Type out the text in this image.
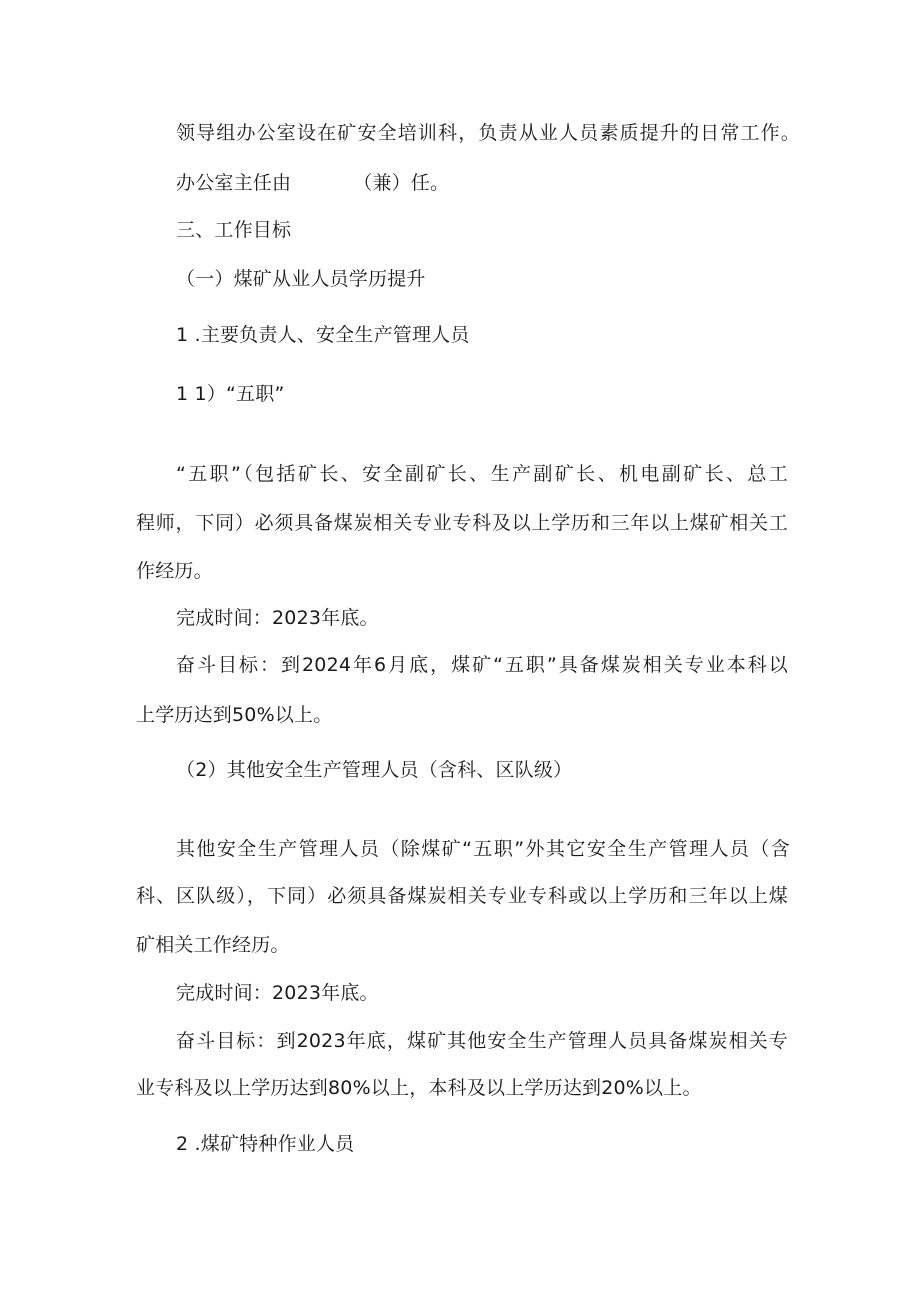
领导组办公室设在矿安全培训科，负责从业人员素质提升的日常工作。
办公室主任由	（兼）任。
三、工作目标
（一）煤矿从业人员学历提升
1 .主要负责人、安全生产管理人员
1 1）“五职”
“五职”（包括矿长、安全副矿长、生产副矿长、机电副矿长、总工
程师，下同）必须具备煤炭相关专业专科及以上学历和三年以上煤矿相关工
作经历。
完成时间：2023年底。
奋斗目标：到2024年6月底，煤矿“五职”具备煤炭相关专业本科以
上学历达到50%以上。
（2）其他安全生产管理人员（含科、区队级）
其他安全生产管理人员（除煤矿“五职”外其它安全生产管理人员（含
科、区队级），下同）必须具备煤炭相关专业专科或以上学历和三年以上煤
矿相关工作经历。
完成时间：2023年底。
奋斗目标：到2023年底，煤矿其他安全生产管理人员具备煤炭相关专
业专科及以上学历达到80%以上，本科及以上学历达到20%以上。
2 .煤矿特种作业人员
